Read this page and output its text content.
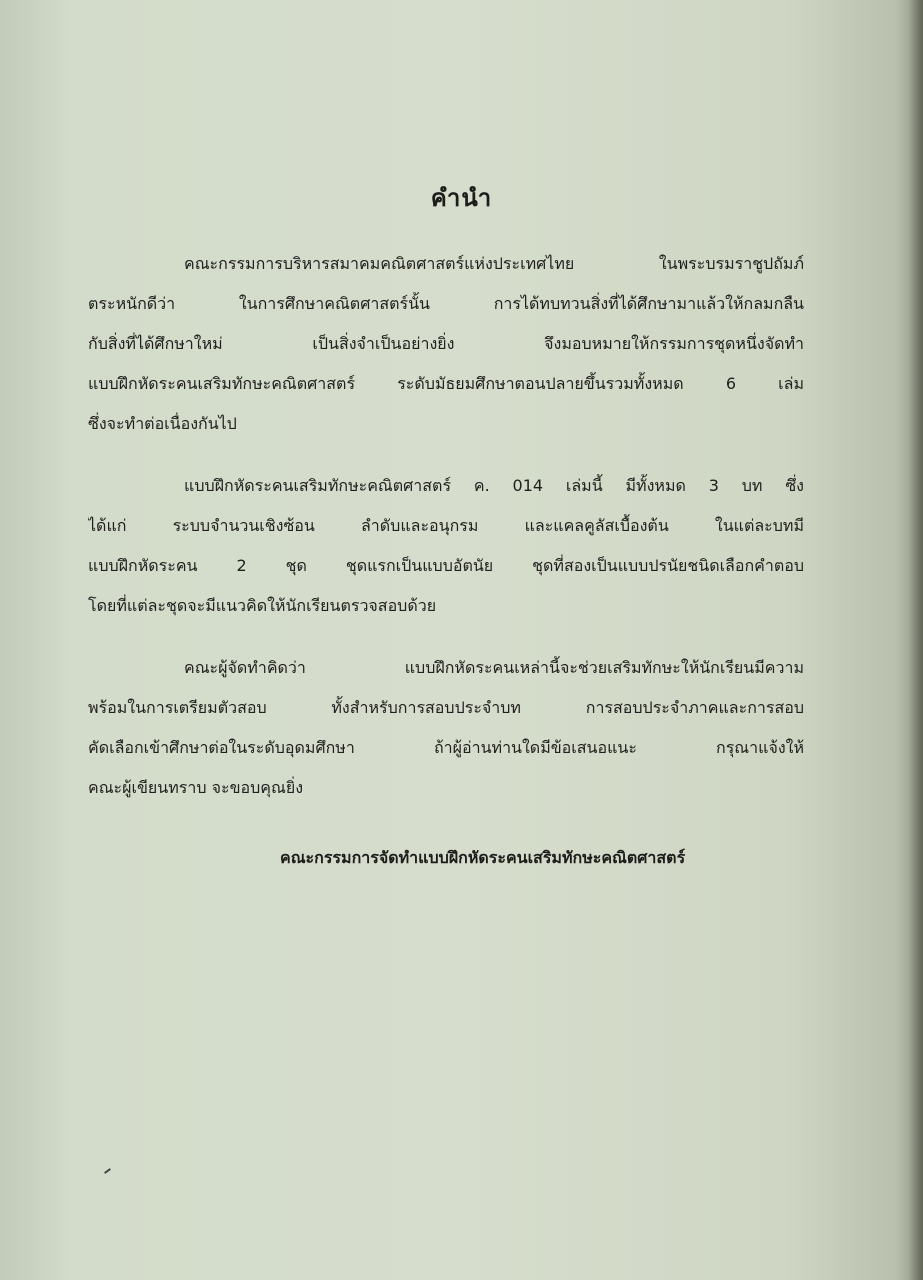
คำนำ
คณะกรรมการบริหารสมาคมคณิตศาสตร์แห่งประเทศไทย ในพระบรมราชูปถัมภ์
ตระหนักดีว่า ในการศึกษาคณิตศาสตร์นั้น การได้ทบทวนสิ่งที่ได้ศึกษามาแล้วให้กลมกลืน
กับสิ่งที่ได้ศึกษาใหม่ เป็นสิ่งจำเป็นอย่างยิ่ง จึงมอบหมายให้กรรมการชุดหนึ่งจัดทำ
แบบฝึกหัดระคนเสริมทักษะคณิตศาสตร์ ระดับมัธยมศึกษาตอนปลายขึ้นรวมทั้งหมด 6 เล่ม
ซึ่งจะทำต่อเนื่องกันไป
แบบฝึกหัดระคนเสริมทักษะคณิตศาสตร์ ค. 014 เล่มนี้ มีทั้งหมด 3 บท ซึ่ง
ได้แก่ ระบบจำนวนเชิงซ้อน ลำดับและอนุกรม และแคลคูลัสเบื้องต้น ในแต่ละบทมี
แบบฝึกหัดระคน 2 ชุด ชุดแรกเป็นแบบอัตนัย ชุดที่สองเป็นแบบปรนัยชนิดเลือกคำตอบ
โดยที่แต่ละชุดจะมีแนวคิดให้นักเรียนตรวจสอบด้วย
คณะผู้จัดทำคิดว่า แบบฝึกหัดระคนเหล่านี้จะช่วยเสริมทักษะให้นักเรียนมีความ
พร้อมในการเตรียมตัวสอบ ทั้งสำหรับการสอบประจำบท การสอบประจำภาคและการสอบ
คัดเลือกเข้าศึกษาต่อในระดับอุดมศึกษา ถ้าผู้อ่านท่านใดมีข้อเสนอแนะ กรุณาแจ้งให้
คณะผู้เขียนทราบ จะขอบคุณยิ่ง
คณะกรรมการจัดทำแบบฝึกหัดระคนเสริมทักษะคณิตศาสตร์
